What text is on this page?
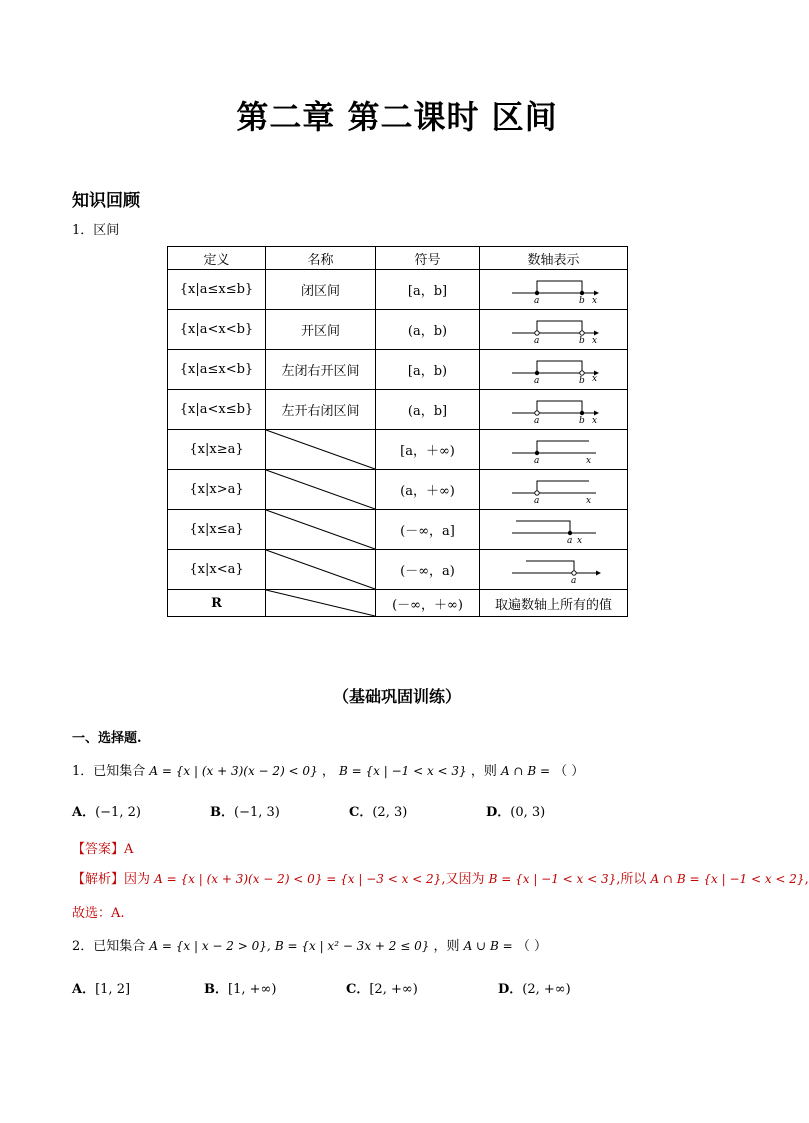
第二章 第二课时 区间
知识回顾
1．区间
定义	名称	符号	数轴表示
{x|a≤x≤b}	闭区间	[a，b]	a b x

{x|a<x<b}	开区间	(a，b)	a b x

{x|a≤x<b}	左闭右开区间	[a，b)	a b x

{x|a<x≤b}	左开右闭区间	(a，b]	a b x

{x|x≥a}		[a，＋∞)	a x

{x|x>a}		(a，＋∞)	a x

{x|x≤a}		(－∞，a]	a x

{x|x<a}		(－∞，a)	a

R		(－∞，＋∞)	取遍数轴上所有的值
（基础巩固训练）
一、选择题.
1．已知集合 A = {x | (x + 3)(x − 2) < 0} ， B = {x | −1 < x < 3} ，则 A ∩ B = （ ）
A．(−1, 2)	B．(−1, 3)	C．(2, 3)	D．(0, 3)
【答案】A
【解析】因为 A = {x | (x + 3)(x − 2) < 0} = {x | −3 < x < 2},又因为 B = {x | −1 < x < 3},所以 A ∩ B = {x | −1 < x < 2},
故选：A.
2．已知集合 A = {x | x − 2 > 0}, B = {x | x² − 3x + 2 ≤ 0} ，则 A ∪ B = （ ）
A．[1, 2]	B．[1, +∞)	C．[2, +∞)	D．(2, +∞)
